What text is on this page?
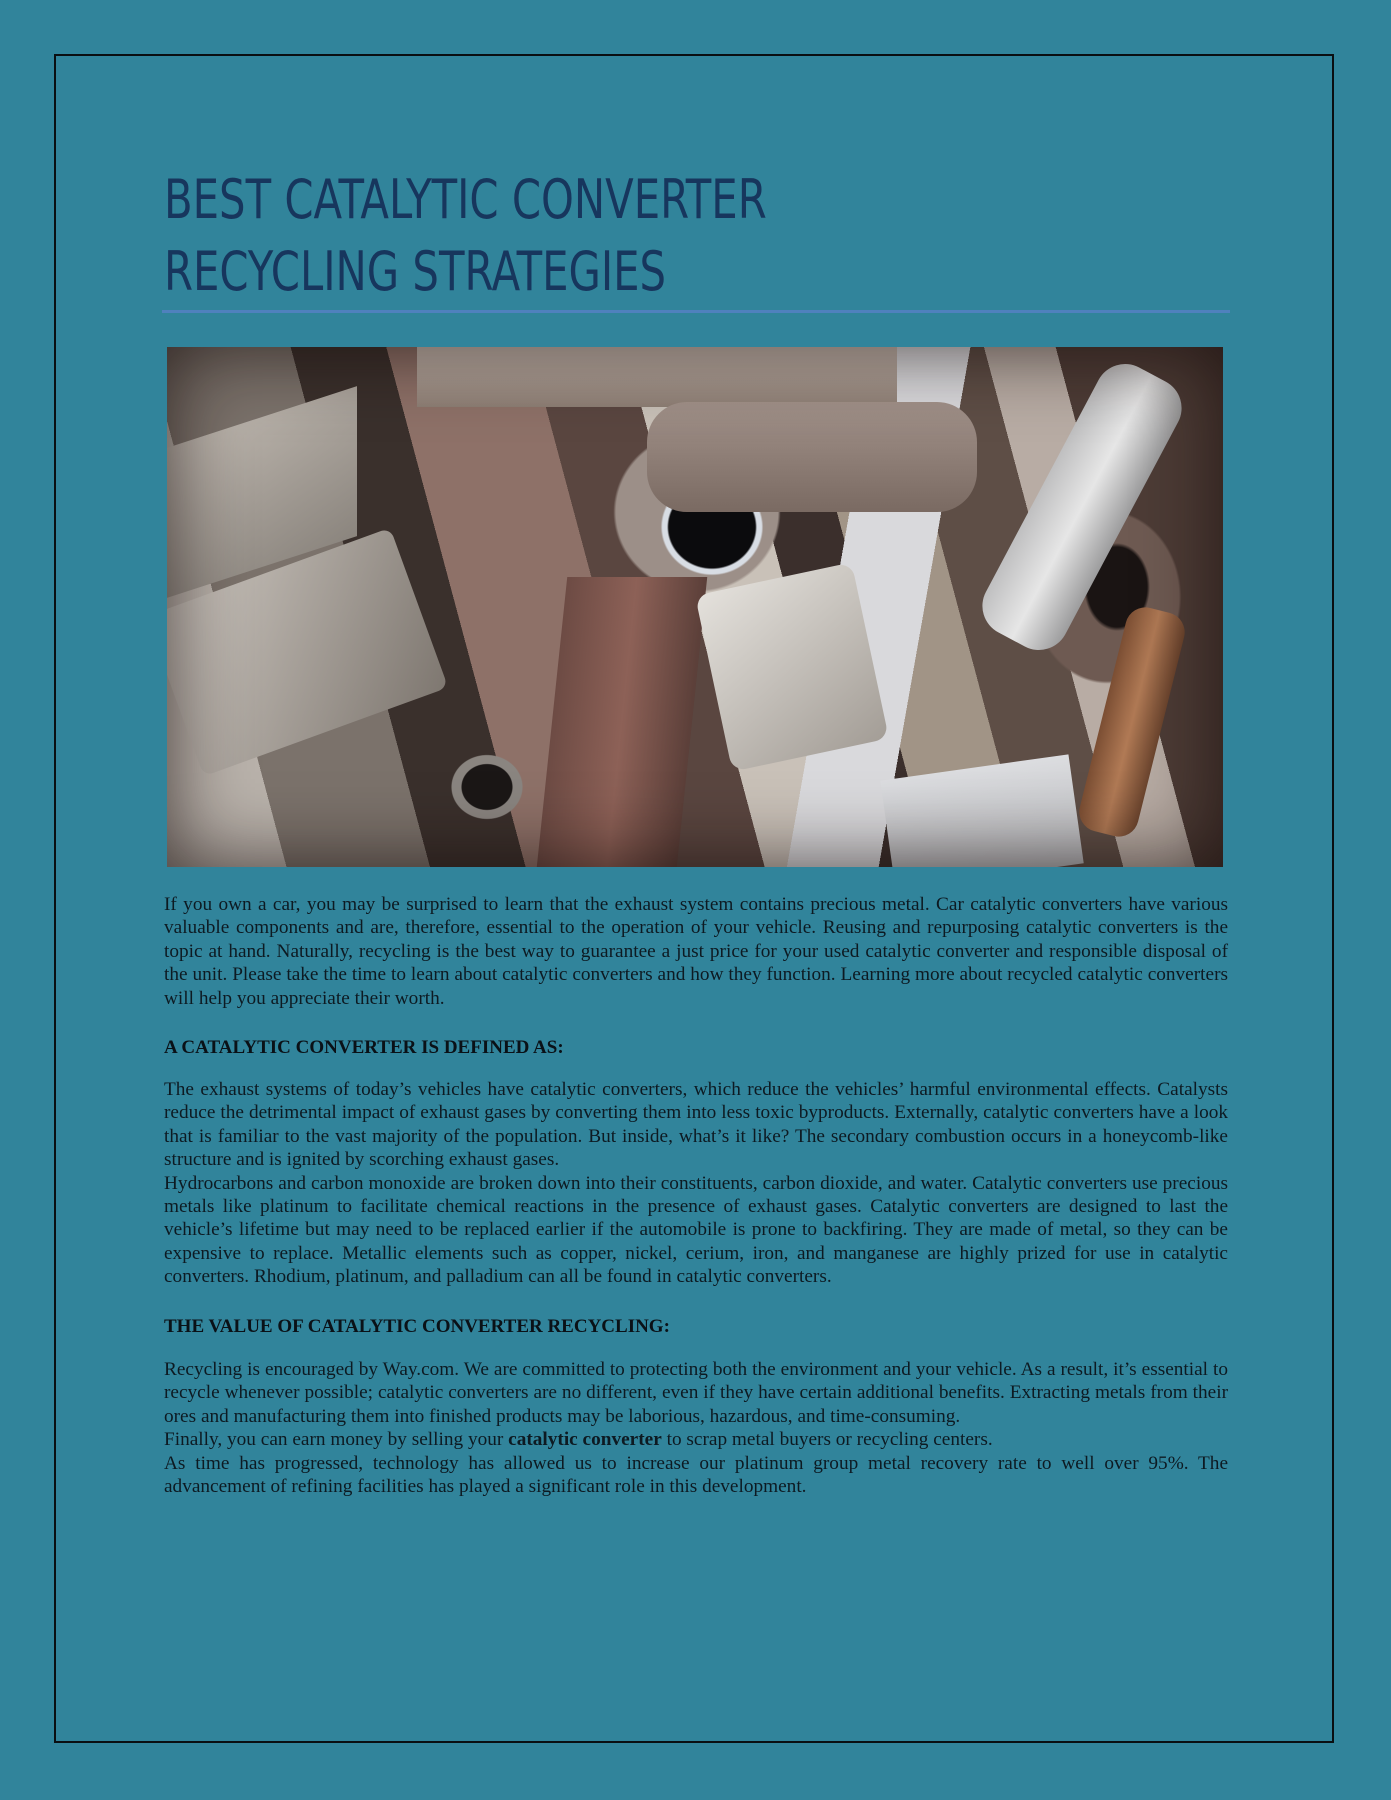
BEST CATALYTIC CONVERTER
RECYCLING STRATEGIES

If you own a car, you may be surprised to learn that the exhaust system contains precious metal. Car catalytic converters have various valuable components and are, therefore, essential to the operation of your vehicle. Reusing and repurposing catalytic converters is the topic at hand. Naturally, recycling is the best way to guarantee a just price for your used catalytic converter and responsible disposal of the unit. Please take the time to learn about catalytic converters and how they function. Learning more about recycled catalytic converters will help you appreciate their worth.

A CATALYTIC CONVERTER IS DEFINED AS:

The exhaust systems of today’s vehicles have catalytic converters, which reduce the vehicles’ harmful environmental effects. Catalysts reduce the detrimental impact of exhaust gases by converting them into less toxic byproducts. Externally, catalytic converters have a look that is familiar to the vast majority of the population. But inside, what’s it like? The secondary combustion occurs in a honeycomb-like structure and is ignited by scorching exhaust gases.

Hydrocarbons and carbon monoxide are broken down into their constituents, carbon dioxide, and water. Catalytic converters use precious metals like platinum to facilitate chemical reactions in the presence of exhaust gases. Catalytic converters are designed to last the vehicle’s lifetime but may need to be replaced earlier if the automobile is prone to backfiring. They are made of metal, so they can be expensive to replace. Metallic elements such as copper, nickel, cerium, iron, and manganese are highly prized for use in catalytic converters. Rhodium, platinum, and palladium can all be found in catalytic converters.

THE VALUE OF CATALYTIC CONVERTER RECYCLING:

Recycling is encouraged by Way.com. We are committed to protecting both the environment and your vehicle. As a result, it’s essential to recycle whenever possible; catalytic converters are no different, even if they have certain additional benefits. Extracting metals from their ores and manufacturing them into finished products may be laborious, hazardous, and time-consuming.

Finally, you can earn money by selling your catalytic converter to scrap metal buyers or recycling centers.

As time has progressed, technology has allowed us to increase our platinum group metal recovery rate to well over 95%. The advancement of refining facilities has played a significant role in this development.
